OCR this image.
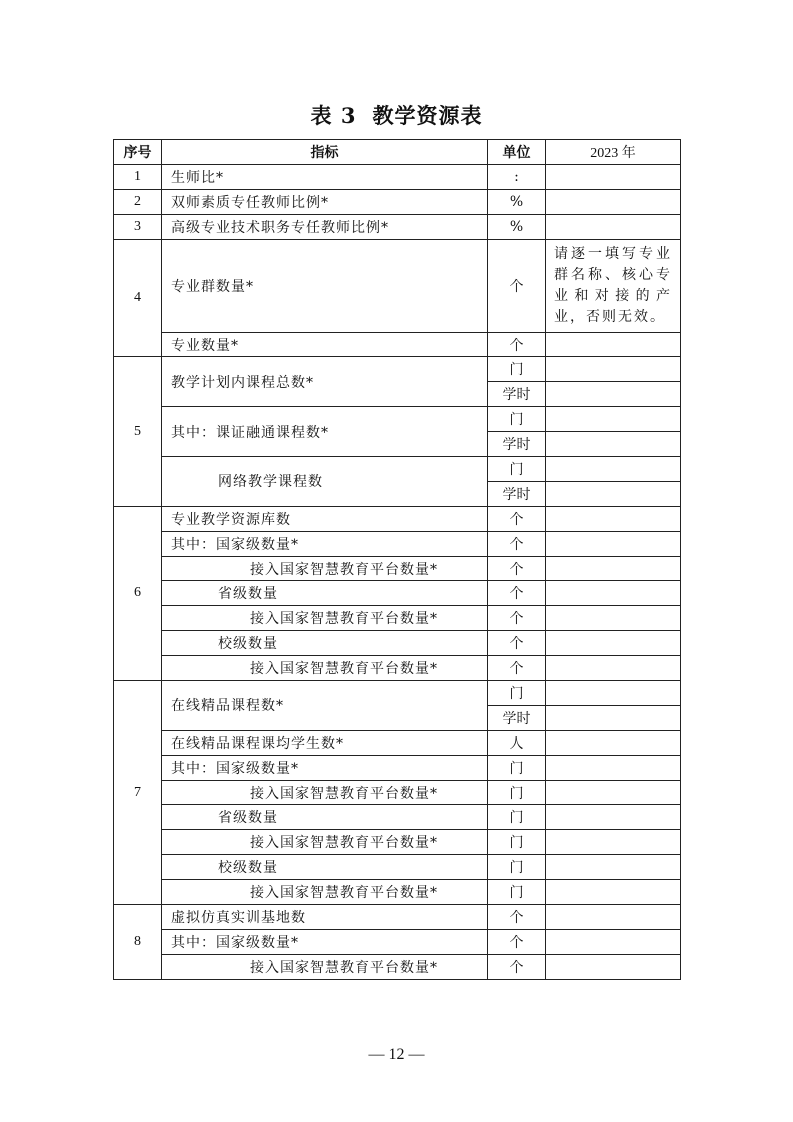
表 3 教学资源表
序号	指标	单位	2023 年
1	生师比*	:	
2	双师素质专任教师比例*	%	
3	高级专业技术职务专任教师比例*	%	
4	专业群数量*	个	请逐一填写专业群名称、核心专业和对接的产业，否则无效。
	专业数量*	个	
5	教学计划内课程总数*	门	
		学时	
	其中：课证融通课程数*	门	
		学时	
	网络教学课程数	门	
		学时	
6	专业教学资源库数	个	
	其中：国家级数量*	个	
	接入国家智慧教育平台数量*	个	
	省级数量	个	
	接入国家智慧教育平台数量*	个	
	校级数量	个	
	接入国家智慧教育平台数量*	个	
7	在线精品课程数*	门	
		学时	
	在线精品课程课均学生数*	人	
	其中：国家级数量*	门	
	接入国家智慧教育平台数量*	门	
	省级数量	门	
	接入国家智慧教育平台数量*	门	
	校级数量	门	
	接入国家智慧教育平台数量*	门	
8	虚拟仿真实训基地数	个	
	其中：国家级数量*	个	
	接入国家智慧教育平台数量*	个	
— 12 —
